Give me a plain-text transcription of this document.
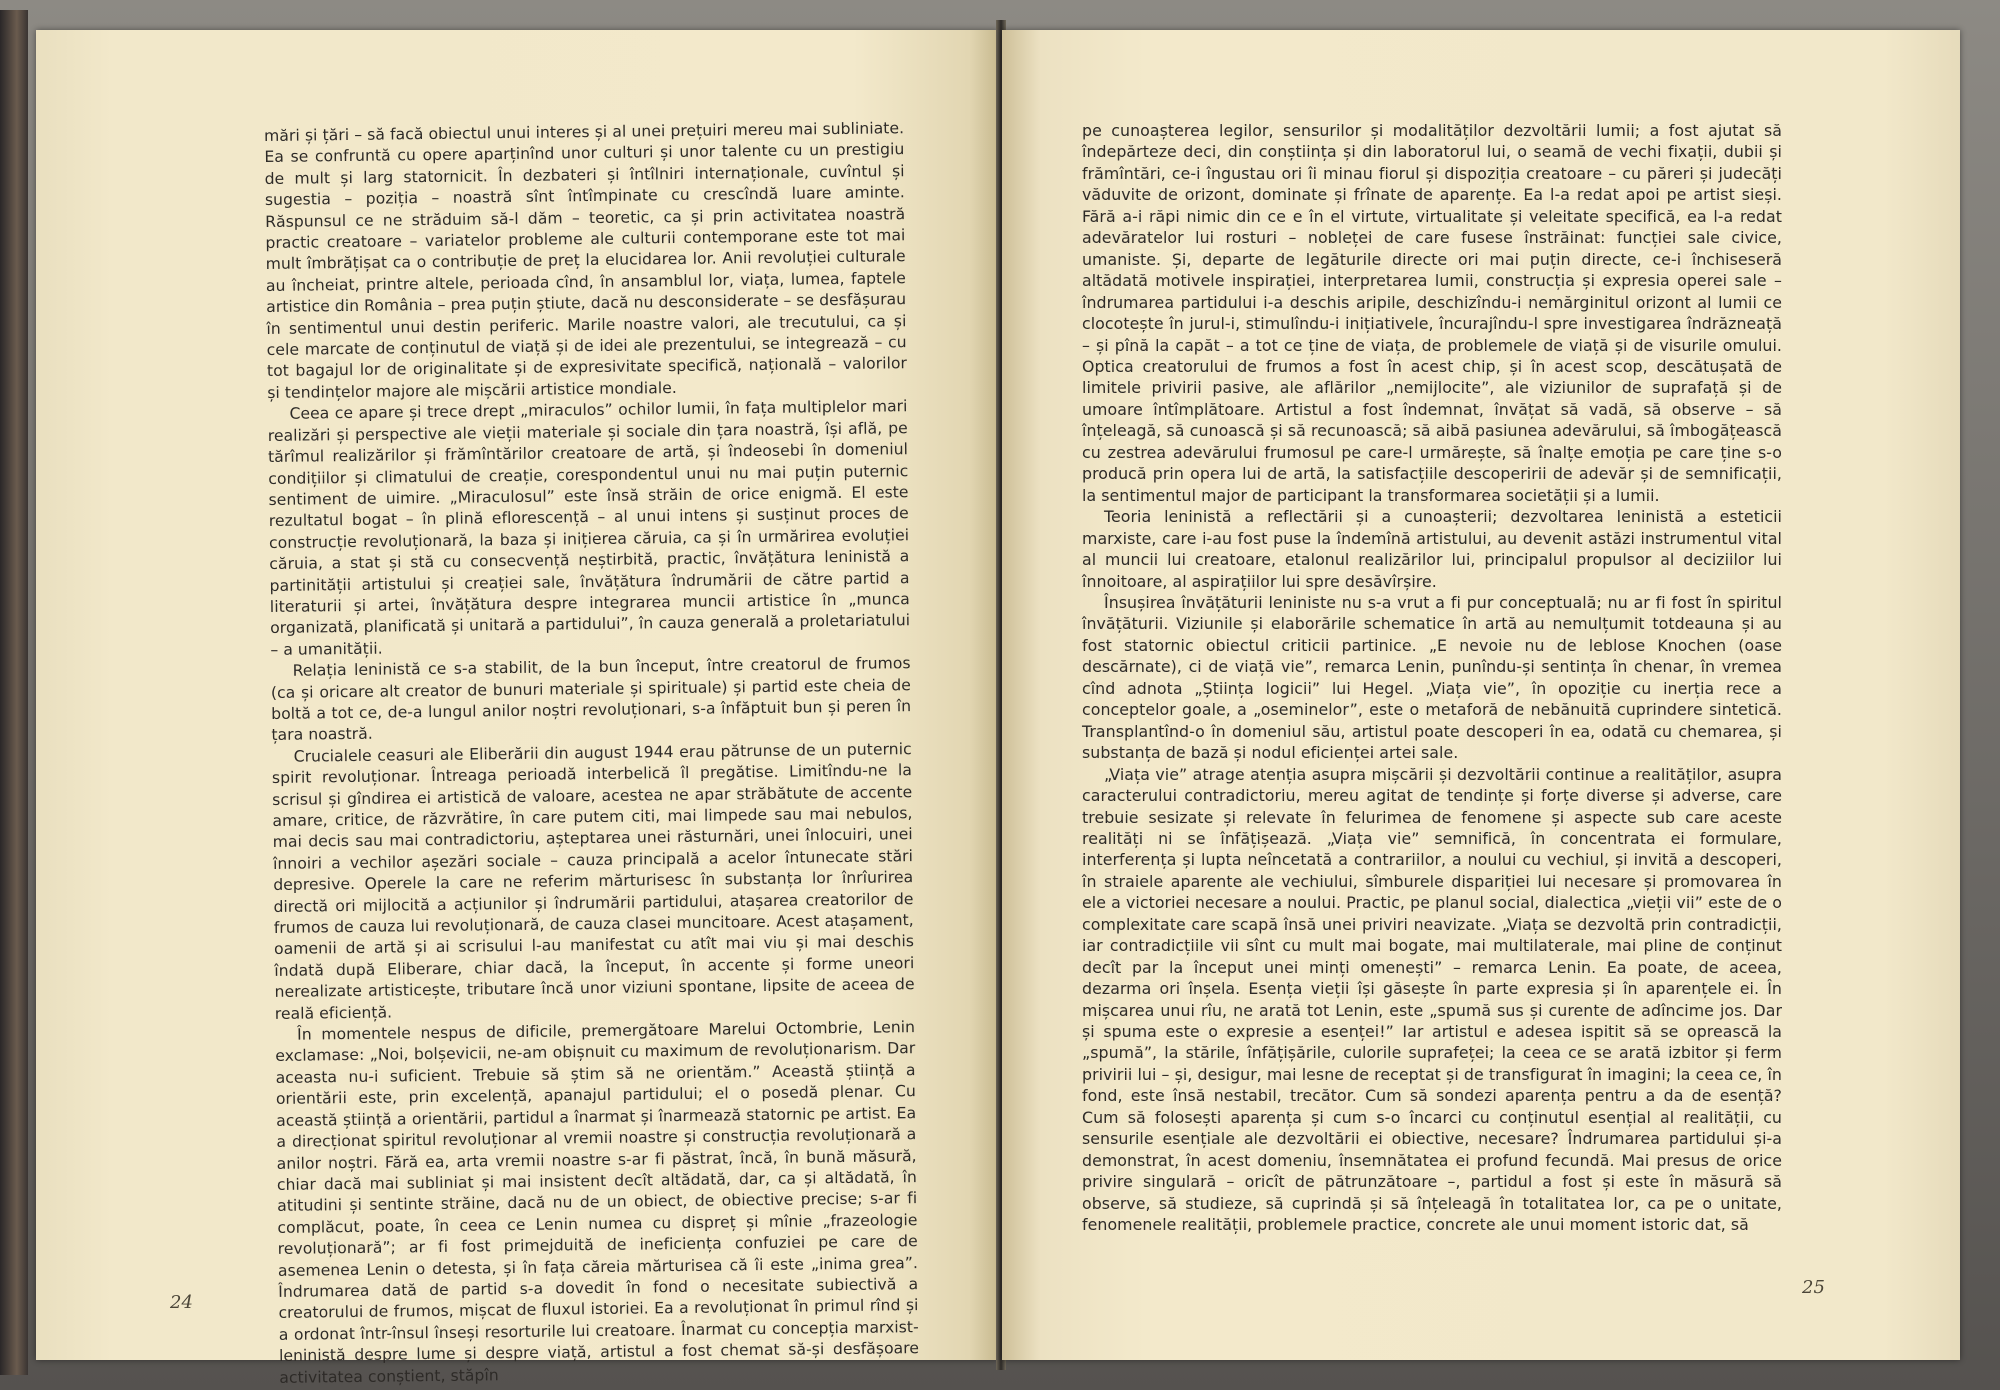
mări și țări – să facă obiectul unui interes și al unei prețuiri mereu mai subliniate. Ea se confruntă cu opere aparținînd unor culturi și unor talente cu un prestigiu de mult și larg statornicit. În dezbateri și întîlniri internaționale, cuvîntul și sugestia – poziția – noastră sînt întîmpinate cu crescîndă luare aminte. Răspunsul ce ne străduim să-l dăm – teoretic, ca și prin activitatea noastră practic creatoare – variatelor probleme ale culturii contemporane este tot mai mult îmbrățișat ca o contribuție de preț la elucidarea lor. Anii revoluției culturale au încheiat, printre altele, perioada cînd, în ansamblul lor, viața, lumea, faptele artistice din România – prea puțin știute, dacă nu desconsiderate – se desfășurau în sentimentul unui destin periferic. Marile noastre valori, ale trecutului, ca și cele marcate de conținutul de viață și de idei ale prezentului, se integrează – cu tot bagajul lor de originalitate și de expresivitate specifică, națională – valorilor și tendințelor majore ale mișcării artistice mondiale.

Ceea ce apare și trece drept „miraculos” ochilor lumii, în fața multiplelor mari realizări și perspective ale vieții materiale și sociale din țara noastră, își află, pe tărîmul realizărilor și frămîntărilor creatoare de artă, și îndeosebi în domeniul condițiilor și climatului de creație, corespondentul unui nu mai puțin puternic sentiment de uimire. „Miraculosul” este însă străin de orice enigmă. El este rezultatul bogat – în plină eflorescență – al unui intens și susținut proces de construcție revoluționară, la baza și inițierea căruia, ca și în urmărirea evoluției căruia, a stat și stă cu consecvență neștirbită, practic, învățătura leninistă a partinității artistului și creației sale, învățătura îndrumării de către partid a literaturii și artei, învățătura despre integrarea muncii artistice în „munca organizată, planificată și unitară a partidului”, în cauza generală a proletariatului – a umanității.

Relația leninistă ce s-a stabilit, de la bun început, între creatorul de frumos (ca și oricare alt creator de bunuri materiale și spirituale) și partid este cheia de boltă a tot ce, de-a lungul anilor noștri revoluționari, s-a înfăptuit bun și peren în țara noastră.

Crucialele ceasuri ale Eliberării din august 1944 erau pătrunse de un puternic spirit revoluționar. Întreaga perioadă interbelică îl pregătise. Limitîndu-ne la scrisul și gîndirea ei artistică de valoare, acestea ne apar străbătute de accente amare, critice, de răzvrătire, în care putem citi, mai limpede sau mai nebulos, mai decis sau mai contradictoriu, așteptarea unei răsturnări, unei înlocuiri, unei înnoiri a vechilor așezări sociale – cauza principală a acelor întunecate stări depresive. Operele la care ne referim mărturisesc în substanța lor înrîurirea directă ori mijlocită a acțiunilor și îndrumării partidului, atașarea creatorilor de frumos de cauza lui revoluționară, de cauza clasei muncitoare. Acest atașament, oamenii de artă și ai scrisului l-au manifestat cu atît mai viu și mai deschis îndată după Eliberare, chiar dacă, la început, în accente și forme uneori nerealizate artisticește, tributare încă unor viziuni spontane, lipsite de aceea de reală eficiență.

În momentele nespus de dificile, premergătoare Marelui Octombrie, Lenin exclamase: „Noi, bolșevicii, ne-am obișnuit cu maximum de revoluționarism. Dar aceasta nu-i suficient. Trebuie să știm să ne orientăm.” Această știință a orientării este, prin excelență, apanajul partidului; el o posedă plenar. Cu această știință a orientării, partidul a înarmat și înarmează statornic pe artist. Ea a direcționat spiritul revoluționar al vremii noastre și construcția revoluționară a anilor noștri. Fără ea, arta vremii noastre s-ar fi păstrat, încă, în bună măsură, chiar dacă mai subliniat și mai insistent decît altădată, dar, ca și altădată, în atitudini și sentinte străine, dacă nu de un obiect, de obiective precise; s-ar fi complăcut, poate, în ceea ce Lenin numea cu dispreț și mînie „frazeologie revoluționară”; ar fi fost primejduită de ineficiența confuziei pe care de asemenea Lenin o detesta, și în fața căreia mărturisea că îi este „inima grea”. Îndrumarea dată de partid s-a dovedit în fond o necesitate subiectivă a creatorului de frumos, mișcat de fluxul istoriei. Ea a revoluționat în primul rînd și a ordonat într-însul înseși resorturile lui creatoare. Înarmat cu concepția marxist-leninistă despre lume și despre viață, artistul a fost chemat să-și desfășoare activitatea conștient, stăpîn

24

pe cunoașterea legilor, sensurilor și modalităților dezvoltării lumii; a fost ajutat să îndepărteze deci, din conștiința și din laboratorul lui, o seamă de vechi fixații, dubii și frămîntări, ce-i îngustau ori îi minau fiorul și dispoziția creatoare – cu păreri și judecăți văduvite de orizont, dominate și frînate de aparențe. Ea l-a redat apoi pe artist sieși. Fără a-i răpi nimic din ce e în el virtute, virtualitate și veleitate specifică, ea l-a redat adevăratelor lui rosturi – nobleței de care fusese înstrăinat: funcției sale civice, umaniste. Și, departe de legăturile directe ori mai puțin directe, ce-i închiseseră altădată motivele inspirației, interpretarea lumii, construcția și expresia operei sale – îndrumarea partidului i-a deschis aripile, deschizîndu-i nemărginitul orizont al lumii ce clocotește în jurul-i, stimulîndu-i inițiativele, încurajîndu-l spre investigarea îndrăzneață – și pînă la capăt – a tot ce ține de viața, de problemele de viață și de visurile omului. Optica creatorului de frumos a fost în acest chip, și în acest scop, descătușată de limitele privirii pasive, ale aflărilor „nemijlocite”, ale viziunilor de suprafață și de umoare întîmplătoare. Artistul a fost îndemnat, învățat să vadă, să observe – să înțeleagă, să cunoască și să recunoască; să aibă pasiunea adevărului, să îmbogățească cu zestrea adevărului frumosul pe care-l urmărește, să înalțe emoția pe care ține s-o producă prin opera lui de artă, la satisfacțiile descoperirii de adevăr și de semnificații, la sentimentul major de participant la transformarea societății și a lumii.

Teoria leninistă a reflectării și a cunoașterii; dezvoltarea leninistă a esteticii marxiste, care i-au fost puse la îndemînă artistului, au devenit astăzi instrumentul vital al muncii lui creatoare, etalonul realizărilor lui, principalul propulsor al deciziilor lui înnoitoare, al aspirațiilor lui spre desăvîrșire.

Însușirea învățăturii leniniste nu s-a vrut a fi pur conceptuală; nu ar fi fost în spiritul învățăturii. Viziunile și elaborările schematice în artă au nemulțumit totdeauna și au fost statornic obiectul criticii partinice. „E nevoie nu de leblose Knochen (oase descărnate), ci de viață vie”, remarca Lenin, punîndu-și sentința în chenar, în vremea cînd adnota „Știința logicii” lui Hegel. „Viața vie”, în opoziție cu inerția rece a conceptelor goale, a „oseminelor”, este o metaforă de nebănuită cuprindere sintetică. Transplantînd-o în domeniul său, artistul poate descoperi în ea, odată cu chemarea, și substanța de bază și nodul eficienței artei sale.

„Viața vie” atrage atenția asupra mișcării și dezvoltării continue a realităților, asupra caracterului contradictoriu, mereu agitat de tendințe și forțe diverse și adverse, care trebuie sesizate și relevate în felurimea de fenomene și aspecte sub care aceste realități ni se înfățișează. „Viața vie” semnifică, în concentrata ei formulare, interferența și lupta neîncetată a contrariilor, a noului cu vechiul, și invită a descoperi, în straiele aparente ale vechiului, sîmburele dispariției lui necesare și promovarea în ele a victoriei necesare a noului. Practic, pe planul social, dialectica „vieții vii” este de o complexitate care scapă însă unei priviri neavizate. „Viața se dezvoltă prin contradicții, iar contradicțiile vii sînt cu mult mai bogate, mai multilaterale, mai pline de conținut decît par la început unei minți omenești” – remarca Lenin. Ea poate, de aceea, dezarma ori înșela. Esența vieții își găsește în parte expresia și în aparențele ei. În mișcarea unui rîu, ne arată tot Lenin, este „spumă sus și curente de adîncime jos. Dar și spuma este o expresie a esenței!” Iar artistul e adesea ispitit să se oprească la „spumă”, la stările, înfățișările, culorile suprafeței; la ceea ce se arată izbitor și ferm privirii lui – și, desigur, mai lesne de receptat și de transfigurat în imagini; la ceea ce, în fond, este însă nestabil, trecător. Cum să sondezi aparența pentru a da de esență? Cum să folosești aparența și cum s-o încarci cu conținutul esențial al realității, cu sensurile esențiale ale dezvoltării ei obiective, necesare? Îndrumarea partidului și-a demonstrat, în acest domeniu, însemnătatea ei profund fecundă. Mai presus de orice privire singulară – oricît de pătrunzătoare –, partidul a fost și este în măsură să observe, să studieze, să cuprindă și să înțeleagă în totalitatea lor, ca pe o unitate, fenomenele realității, problemele practice, concrete ale unui moment istoric dat, să

25
